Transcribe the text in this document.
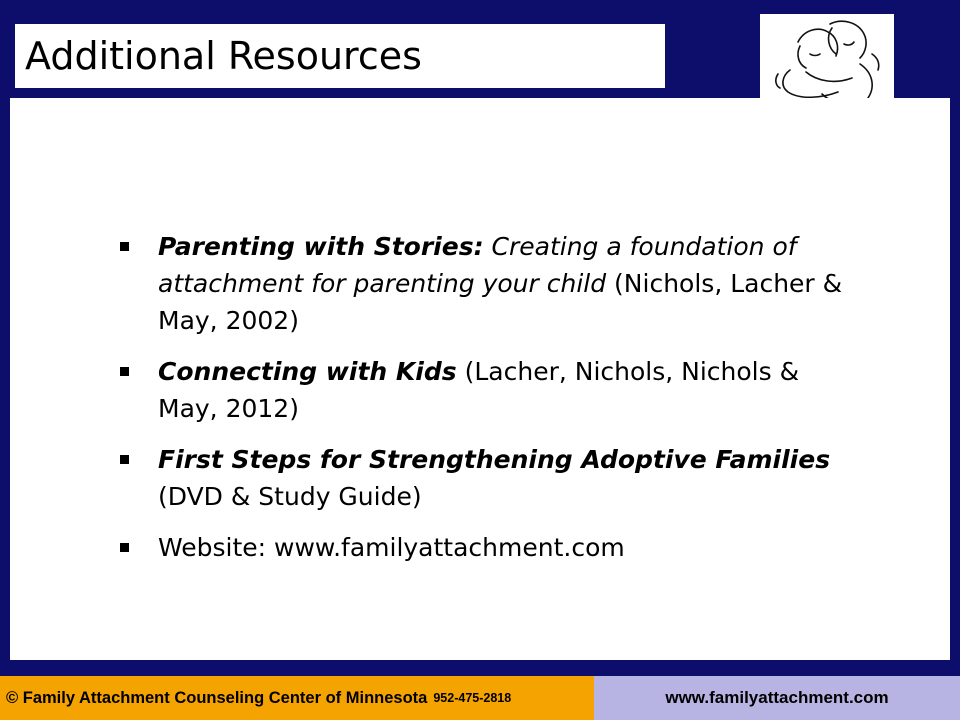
Additional Resources
Parenting with Stories: Creating a foundation of attachment for parenting your child (Nichols, Lacher & May, 2002)
Connecting with Kids (Lacher, Nichols, Nichols & May, 2012)
First Steps for Strengthening Adoptive Families (DVD & Study Guide)
Website: www.familyattachment.com
© Family Attachment Counseling Center of Minnesota 952-475-2818	www.familyattachment.com
